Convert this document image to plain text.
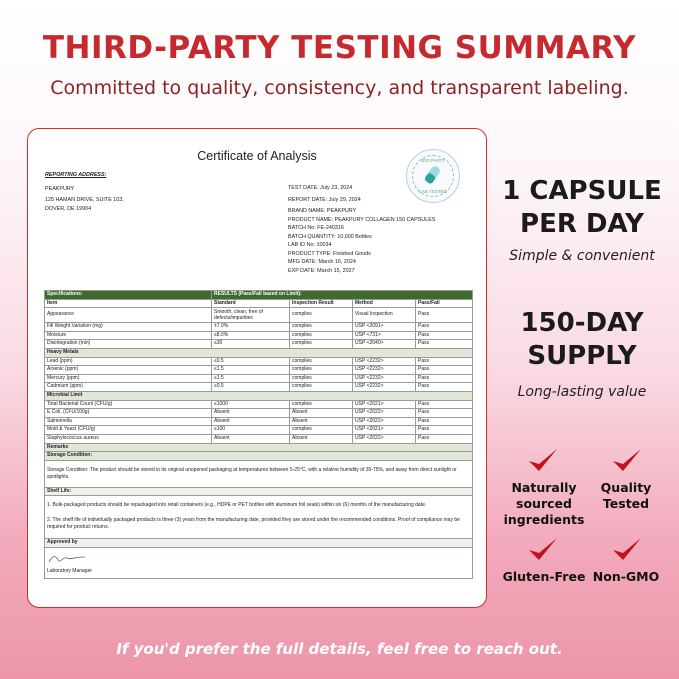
THIRD-PARTY TESTING SUMMARY
Committed to quality, consistency, and transparent labeling.
Certificate of Analysis	3RD PARTY
LAB TESTED
REPORTING ADDRESS:
PEAKPURY
125 HAMAN DRIVE, SUITE 103,
DOVER, DE 19904
TEST DATE: July 23, 2024
REPORT DATE: July 29, 2024
BRAND NAME: PEAKPURY
PRODUCT NAME: PEAKPURY COLLAGEN 150 CAPSULES
BATCH No: FE-240316
BATCH QUANTITY: 10,000 Bottles
LAB ID No: 10034
PRODUCT TYPE: Finished Goods
MFG DATE: March 16, 2024
EXP DATE: March 15, 2027
Specifications:	RESULTS (Pass/Fail based on Limit):			
Item	Standard	Inspection Result	Method	Pass/Fail
Appearance	Smooth, clean, free of defects/impurities	complies	Visual Inspection	Pass
Fill Weight Variation (mg)	±7.0%	complies	USP <2091>	Pass
Moisture	≤8.0%	complies	USP <731>	Pass
Disintegration (min)	≤30	complies	USP <2040>	Pass
Heavy Metals				
Lead (ppm)	≤0.5	complies	USP <2232>	Pass
Arsenic (ppm)	≤1.5	complies	USP <2232>	Pass
Mercury (ppm)	≤1.5	complies	USP <2232>	Pass
Cadmium (ppm)	≤0.5	complies	USP <2232>	Pass
Microbial Limit				
Total Bacterial Count (CFU/g)	≤1000	complies	USP <2021>	Pass
E.Coli, (CFU/100g)	Absent	Absent	USP <2022>	Pass
Salmonella	Absent	Absent	USP <2022>	Pass
Mold & Yeast (CFU/g)	≤100	complies	USP <2021>	Pass
Staphylococcus aureus	Absent	Absent	USP <2022>	Pass
Remarks				
Storage Condition:				
Storage Condition: The product should be stored in its original unopened packaging at temperatures between 5-25°C, with a relative humidity of 35-75%, and away from direct sunlight or spotlights.				
Shelf Life:				

1. Bulk-packaged products should be repackaged into retail containers (e.g., HDPE or PET bottles with aluminum foil seals) within six (6) months of the manufacturing date.
2. The shelf life of individually packaged products is three (3) years from the manufacturing date, provided they are stored under the recommended conditions. Proof of compliance may be required for product returns.				

Approved by				

Laboratory Manager				
1 CAPSULE PER DAY
Simple & convenient
150-DAY SUPPLY
Long-lasting value
Naturally sourced ingredients
Quality Tested
Gluten-Free Non-GMO
If you'd prefer the full details, feel free to reach out.
